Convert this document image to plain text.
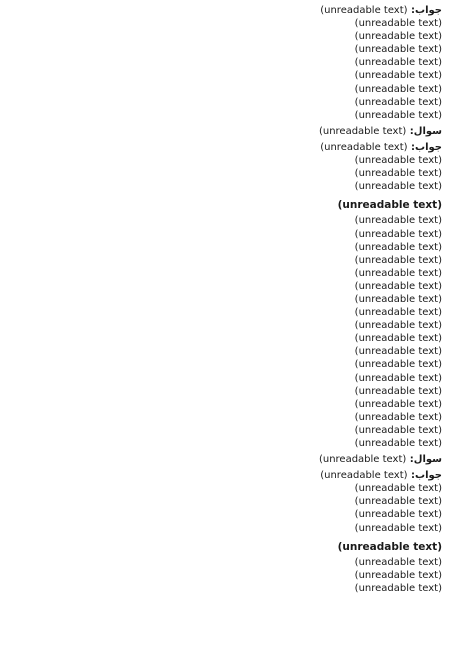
جواب:(unreadable text)
(unreadable text)
(unreadable text)
(unreadable text)
(unreadable text)
(unreadable text)
(unreadable text)
(unreadable text)
(unreadable text)
سوال:(unreadable text)
جواب:(unreadable text)
(unreadable text)
(unreadable text)
(unreadable text)
(unreadable text)
(unreadable text)
(unreadable text)
(unreadable text)
(unreadable text)
(unreadable text)
(unreadable text)
(unreadable text)
(unreadable text)
(unreadable text)
(unreadable text)
(unreadable text)
(unreadable text)
(unreadable text)
(unreadable text)
(unreadable text)
(unreadable text)
(unreadable text)
(unreadable text)
سوال:(unreadable text)
جواب:(unreadable text)
(unreadable text)
(unreadable text)
(unreadable text)
(unreadable text)
(unreadable text)
(unreadable text)
(unreadable text)
(unreadable text)
